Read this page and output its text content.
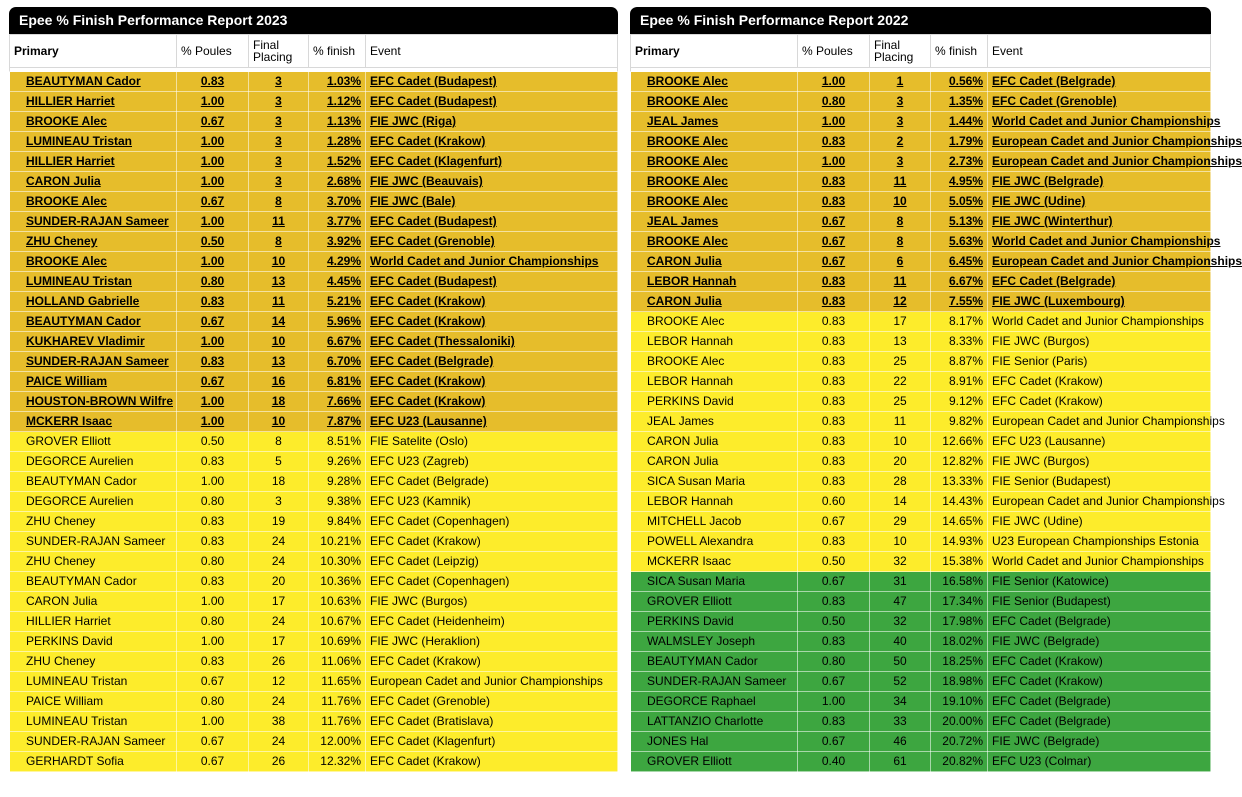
Epee % Finish Performance Report 2023
Primary	% Poules	Final Placing	% finish	Event

BEAUTYMAN Cador	0.83	3	1.03%	EFC Cadet (Budapest)
HILLIER Harriet	1.00	3	1.12%	EFC Cadet (Budapest)
BROOKE Alec	0.67	3	1.13%	FIE JWC (Riga)
LUMINEAU Tristan	1.00	3	1.28%	EFC Cadet (Krakow)
HILLIER Harriet	1.00	3	1.52%	EFC Cadet (Klagenfurt)
CARON Julia	1.00	3	2.68%	FIE JWC (Beauvais)
BROOKE Alec	0.67	8	3.70%	FIE JWC (Bale)
SUNDER-RAJAN Sameer	1.00	11	3.77%	EFC Cadet (Budapest)
ZHU Cheney	0.50	8	3.92%	EFC Cadet (Grenoble)
BROOKE Alec	1.00	10	4.29%	World Cadet and Junior Championships
LUMINEAU Tristan	0.80	13	4.45%	EFC Cadet (Budapest)
HOLLAND Gabrielle	0.83	11	5.21%	EFC Cadet (Krakow)
BEAUTYMAN Cador	0.67	14	5.96%	EFC Cadet (Krakow)
KUKHAREV Vladimir	1.00	10	6.67%	EFC Cadet (Thessaloniki)
SUNDER-RAJAN Sameer	0.83	13	6.70%	EFC Cadet (Belgrade)
PAICE William	0.67	16	6.81%	EFC Cadet (Krakow)
HOUSTON-BROWN Wilfre	1.00	18	7.66%	EFC Cadet (Krakow)
MCKERR Isaac	1.00	10	7.87%	EFC U23 (Lausanne)
GROVER Elliott	0.50	8	8.51%	FIE Satelite (Oslo)
DEGORCE Aurelien	0.83	5	9.26%	EFC U23 (Zagreb)
BEAUTYMAN Cador	1.00	18	9.28%	EFC Cadet (Belgrade)
DEGORCE Aurelien	0.80	3	9.38%	EFC U23 (Kamnik)
ZHU Cheney	0.83	19	9.84%	EFC Cadet (Copenhagen)
SUNDER-RAJAN Sameer	0.83	24	10.21%	EFC Cadet (Krakow)
ZHU Cheney	0.80	24	10.30%	EFC Cadet (Leipzig)
BEAUTYMAN Cador	0.83	20	10.36%	EFC Cadet (Copenhagen)
CARON Julia	1.00	17	10.63%	FIE JWC (Burgos)
HILLIER Harriet	0.80	24	10.67%	EFC Cadet (Heidenheim)
PERKINS David	1.00	17	10.69%	FIE JWC (Heraklion)
ZHU Cheney	0.83	26	11.06%	EFC Cadet (Krakow)
LUMINEAU Tristan	0.67	12	11.65%	European Cadet and Junior Championships
PAICE William	0.80	24	11.76%	EFC Cadet (Grenoble)
LUMINEAU Tristan	1.00	38	11.76%	EFC Cadet (Bratislava)
SUNDER-RAJAN Sameer	0.67	24	12.00%	EFC Cadet (Klagenfurt)
GERHARDT Sofia	0.67	26	12.32%	EFC Cadet (Krakow)
Epee % Finish Performance Report 2022
Primary	% Poules	Final Placing	% finish	Event

BROOKE Alec	1.00	1	0.56%	EFC Cadet (Belgrade)
BROOKE Alec	0.80	3	1.35%	EFC Cadet (Grenoble)
JEAL James	1.00	3	1.44%	World Cadet and Junior Championships
BROOKE Alec	0.83	2	1.79%	European Cadet and Junior Championships
BROOKE Alec	1.00	3	2.73%	European Cadet and Junior Championships
BROOKE Alec	0.83	11	4.95%	FIE JWC (Belgrade)
BROOKE Alec	0.83	10	5.05%	FIE JWC (Udine)
JEAL James	0.67	8	5.13%	FIE JWC (Winterthur)
BROOKE Alec	0.67	8	5.63%	World Cadet and Junior Championships
CARON Julia	0.67	6	6.45%	European Cadet and Junior Championships
LEBOR Hannah	0.83	11	6.67%	EFC Cadet (Belgrade)
CARON Julia	0.83	12	7.55%	FIE JWC (Luxembourg)
BROOKE Alec	0.83	17	8.17%	World Cadet and Junior Championships
LEBOR Hannah	0.83	13	8.33%	FIE JWC (Burgos)
BROOKE Alec	0.83	25	8.87%	FIE Senior (Paris)
LEBOR Hannah	0.83	22	8.91%	EFC Cadet (Krakow)
PERKINS David	0.83	25	9.12%	EFC Cadet (Krakow)
JEAL James	0.83	11	9.82%	European Cadet and Junior Championships
CARON Julia	0.83	10	12.66%	EFC U23 (Lausanne)
CARON Julia	0.83	20	12.82%	FIE JWC (Burgos)
SICA Susan Maria	0.83	28	13.33%	FIE Senior (Budapest)
LEBOR Hannah	0.60	14	14.43%	European Cadet and Junior Championships
MITCHELL Jacob	0.67	29	14.65%	FIE JWC (Udine)
POWELL Alexandra	0.83	10	14.93%	U23 European Championships Estonia
MCKERR Isaac	0.50	32	15.38%	World Cadet and Junior Championships
SICA Susan Maria	0.67	31	16.58%	FIE Senior (Katowice)
GROVER Elliott	0.83	47	17.34%	FIE Senior (Budapest)
PERKINS David	0.50	32	17.98%	EFC Cadet (Belgrade)
WALMSLEY Joseph	0.83	40	18.02%	FIE JWC (Belgrade)
BEAUTYMAN Cador	0.80	50	18.25%	EFC Cadet (Krakow)
SUNDER-RAJAN Sameer	0.67	52	18.98%	EFC Cadet (Krakow)
DEGORCE Raphael	1.00	34	19.10%	EFC Cadet (Belgrade)
LATTANZIO Charlotte	0.83	33	20.00%	EFC Cadet (Belgrade)
JONES Hal	0.67	46	20.72%	FIE JWC (Belgrade)
GROVER Elliott	0.40	61	20.82%	EFC U23 (Colmar)
